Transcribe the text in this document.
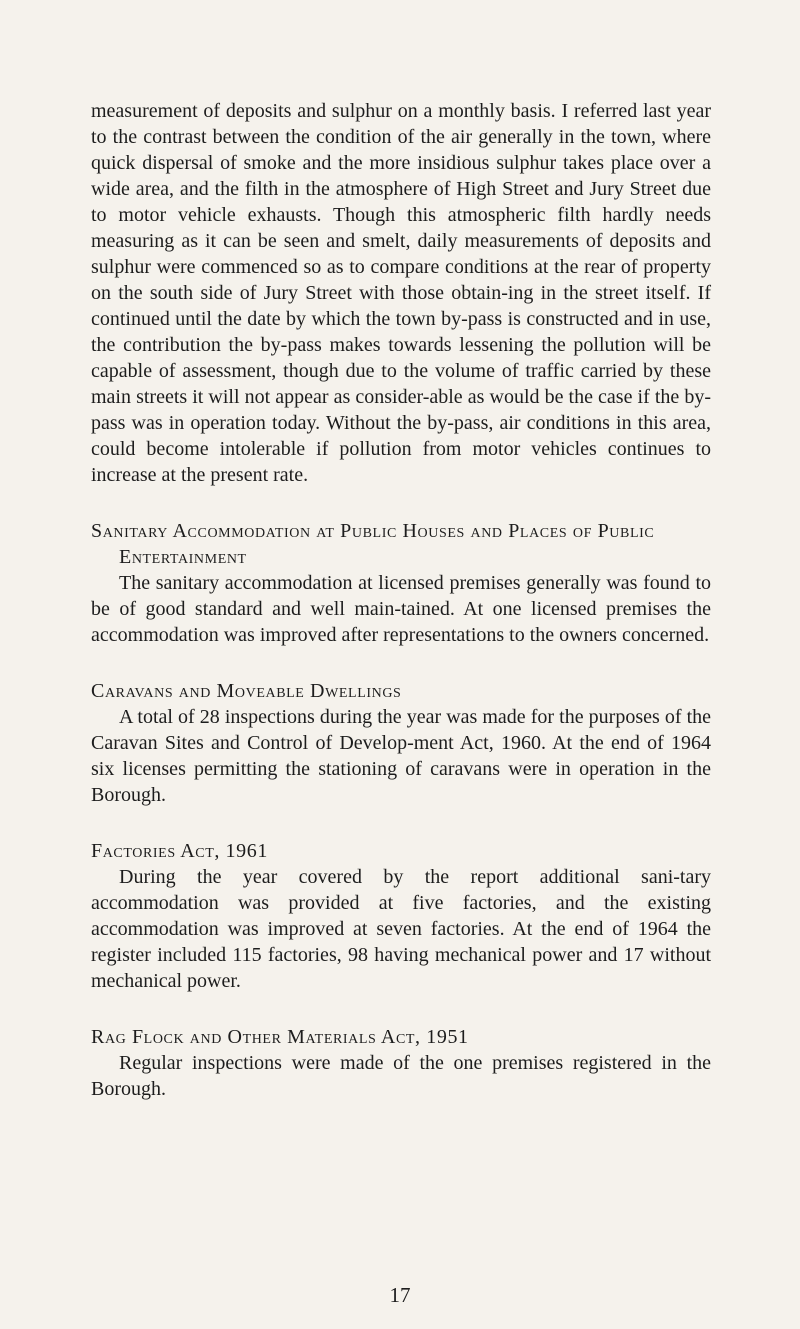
measurement of deposits and sulphur on a monthly basis. I referred last year to the contrast between the condition of the air generally in the town, where quick dispersal of smoke and the more insidious sulphur takes place over a wide area, and the filth in the atmosphere of High Street and Jury Street due to motor vehicle exhausts. Though this atmospheric filth hardly needs measuring as it can be seen and smelt, daily measurements of deposits and sulphur were commenced so as to compare conditions at the rear of property on the south side of Jury Street with those obtain-ing in the street itself. If continued until the date by which the town by-pass is constructed and in use, the contribution the by-pass makes towards lessening the pollution will be capable of assessment, though due to the volume of traffic carried by these main streets it will not appear as consider-able as would be the case if the by-pass was in operation today. Without the by-pass, air conditions in this area, could become intolerable if pollution from motor vehicles continues to increase at the present rate.

Sanitary Accommodation at Public Houses and Places of Public Entertainment

The sanitary accommodation at licensed premises generally was found to be of good standard and well main-tained. At one licensed premises the accommodation was improved after representations to the owners concerned.

Caravans and Moveable Dwellings

A total of 28 inspections during the year was made for the purposes of the Caravan Sites and Control of Develop-ment Act, 1960. At the end of 1964 six licenses permitting the stationing of caravans were in operation in the Borough.

Factories Act, 1961

During the year covered by the report additional sani-tary accommodation was provided at five factories, and the existing accommodation was improved at seven factories. At the end of 1964 the register included 115 factories, 98 having mechanical power and 17 without mechanical power.

Rag Flock and Other Materials Act, 1951

Regular inspections were made of the one premises registered in the Borough.

17
